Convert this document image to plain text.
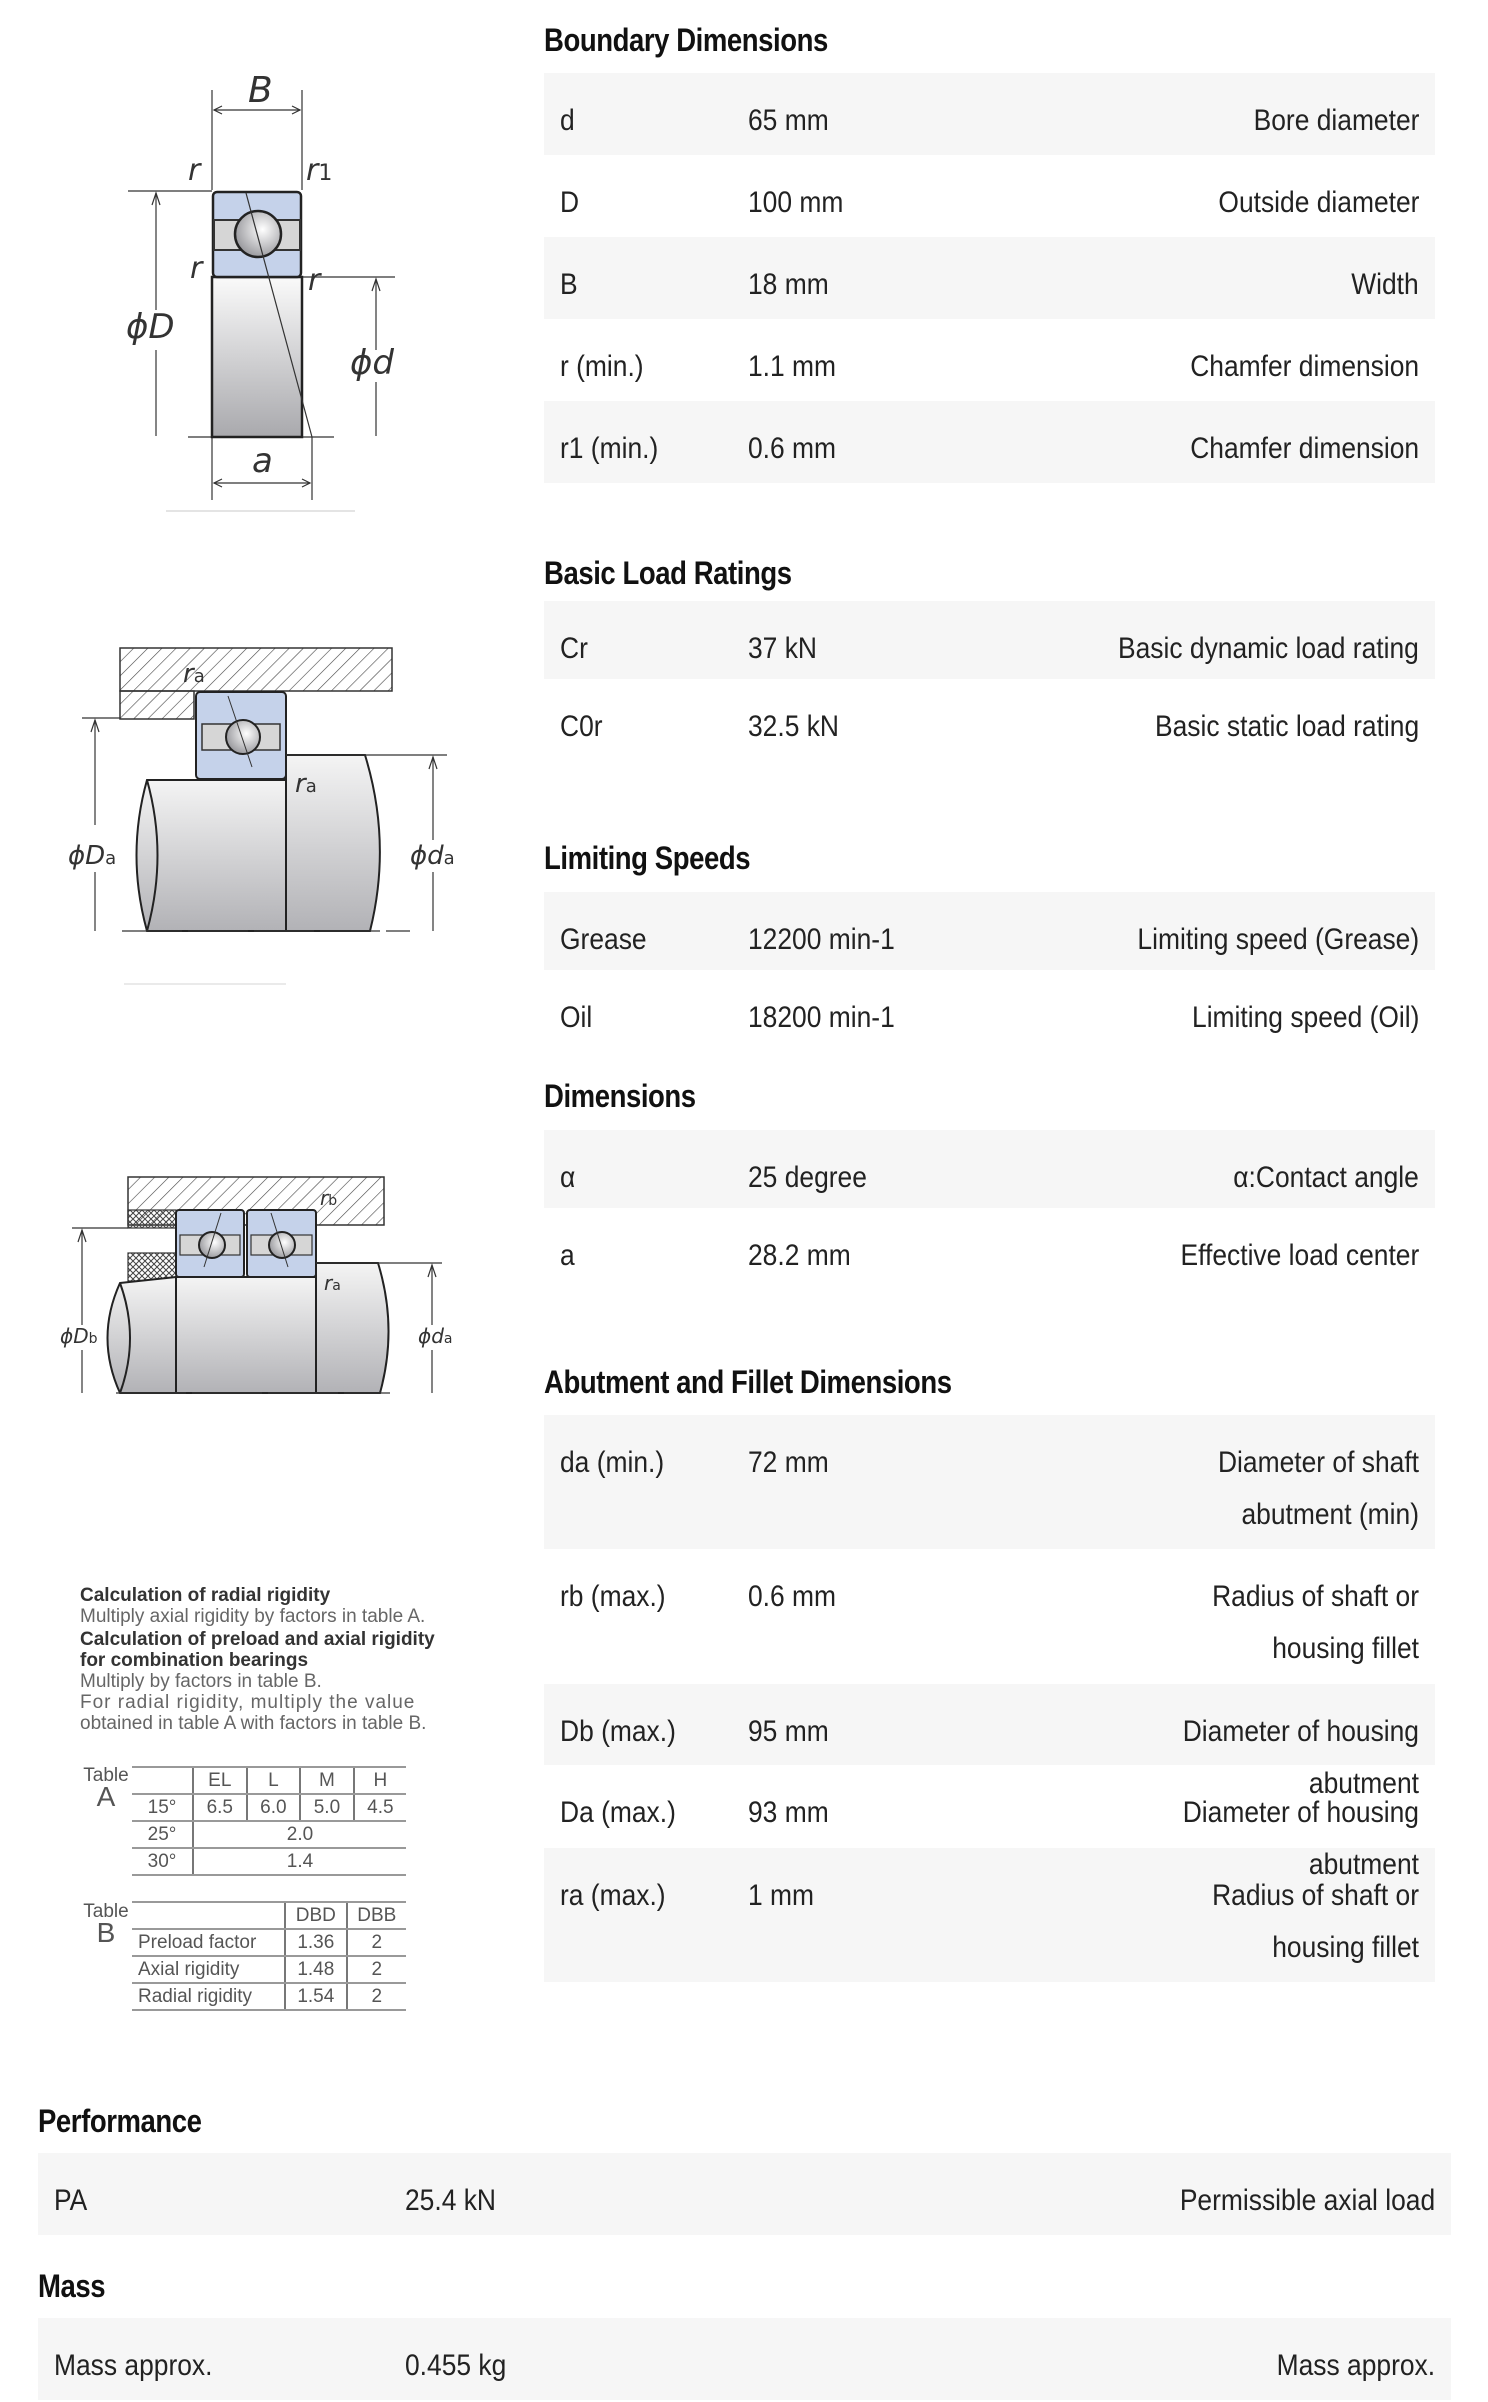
B
r	r1
r	r
ϕD
ϕd
a
ra
ra
ϕDa	ϕda
rb
ra
ϕDb	ϕda
Calculation of radial rigidity
Multiply axial rigidity by factors in table A.
Calculation of preload and axial rigidity
for combination bearings
Multiply by factors in table B.
For radial rigidity, multiply the value
obtained in table A with factors in table B.
Table
A
	EL	L	M	H
15°	6.5	6.0	5.0	4.5
25°	2.0			
30°	1.4			
Table
B
	DBD	DBB
Preload factor	1.36	2
Axial rigidity	1.48	2
Radial rigidity	1.54	2
Boundary Dimensions
d	65 mm	Bore diameter
D	100 mm	Outside diameter
B	18 mm	Width
r (min.)	1.1 mm	Chamfer dimension
r1 (min.)	0.6 mm	Chamfer dimension
Basic Load Ratings
Cr	37 kN	Basic dynamic load rating
C0r	32.5 kN	Basic static load rating
Limiting Speeds
Grease	12200 min-1	Limiting speed (Grease)
Oil	18200 min-1	Limiting speed (Oil)
Dimensions
α	25 degree	α:Contact angle
a	28.2 mm	Effective load center
Abutment and Fillet Dimensions
da (min.)	72 mm	Diameter of shaft abutment (min)
rb (max.)	0.6 mm	Radius of shaft or housing fillet
Db (max.)	95 mm	Diameter of housing abutment
Da (max.)	93 mm	Diameter of housing abutment
ra (max.)	1 mm	Radius of shaft or housing fillet
Performance
PA	25.4 kN	Permissible axial load
Mass
Mass approx.	0.455 kg	Mass approx.
